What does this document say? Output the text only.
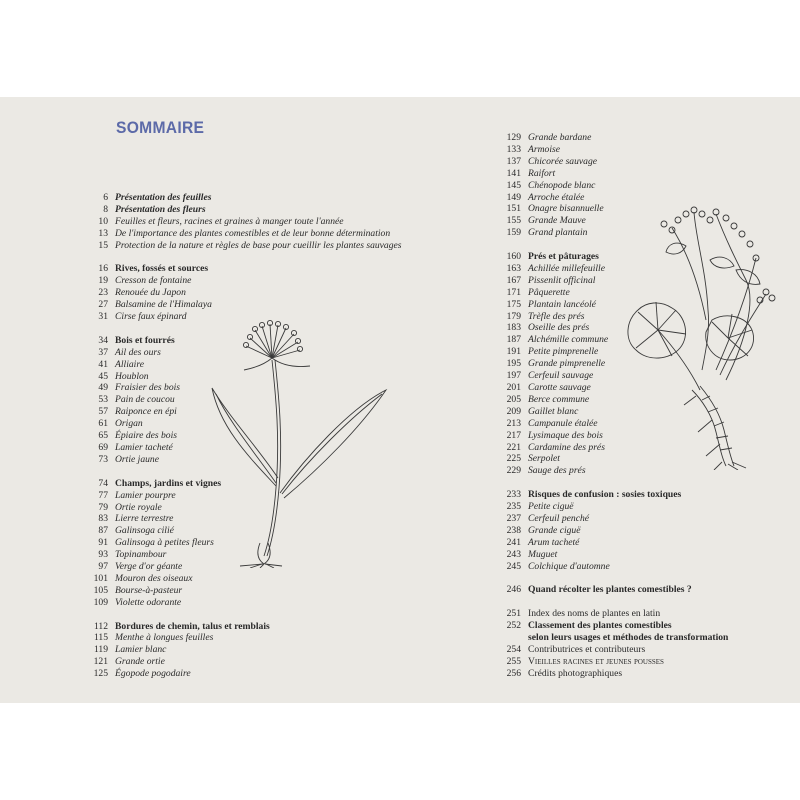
SOMMAIRE
6 Présentation des feuilles
8 Présentation des fleurs
10 Feuilles et fleurs, racines et graines à manger toute l'année
13 De l'importance des plantes comestibles et de leur bonne détermination
15 Protection de la nature et règles de base pour cueillir les plantes sauvages
16 Rives, fossés et sources
19 Cresson de fontaine
23 Renouée du Japon
27 Balsamine de l'Himalaya
31 Cirse faux épinard
34 Bois et fourrés
37 Ail des ours
41 Alliaire
45 Houblon
49 Fraisier des bois
53 Pain de coucou
57 Raiponce en épi
61 Origan
65 Épiaire des bois
69 Lamier tacheté
73 Ortie jaune
74 Champs, jardins et vignes
77 Lamier pourpre
79 Ortie royale
83 Lierre terrestre
87 Galinsoga cilié
91 Galinsoga à petites fleurs
93 Topinambour
97 Verge d'or géante
101 Mouron des oiseaux
105 Bourse-à-pasteur
109 Violette odorante
112 Bordures de chemin, talus et remblais
115 Menthe à longues feuilles
119 Lamier blanc
121 Grande ortie
125 Égopode pogodaire
129 Grande bardane
133 Armoise
137 Chicorée sauvage
141 Raifort
145 Chénopode blanc
149 Arroche étalée
151 Onagre bisannuelle
155 Grande Mauve
159 Grand plantain
160 Prés et pâturages
163 Achillée millefeuille
167 Pissenlit officinal
171 Pâquerette
175 Plantain lancéolé
179 Trèfle des prés
183 Oseille des prés
187 Alchémille commune
191 Petite pimprenelle
195 Grande pimprenelle
197 Cerfeuil sauvage
201 Carotte sauvage
205 Berce commune
209 Gaillet blanc
213 Campanule étalée
217 Lysimaque des bois
221 Cardamine des prés
225 Serpolet
229 Sauge des prés
233 Risques de confusion : sosies toxiques
235 Petite ciguë
237 Cerfeuil penché
238 Grande ciguë
241 Arum tacheté
243 Muguet
245 Colchique d'automne
246 Quand récolter les plantes comestibles ?
251 Index des noms de plantes en latin
252 Classement des plantes comestibles
selon leurs usages et méthodes de transformation
254 Contributrices et contributeurs
255 Vieilles racines et jeunes pousses
256 Crédits photographiques
